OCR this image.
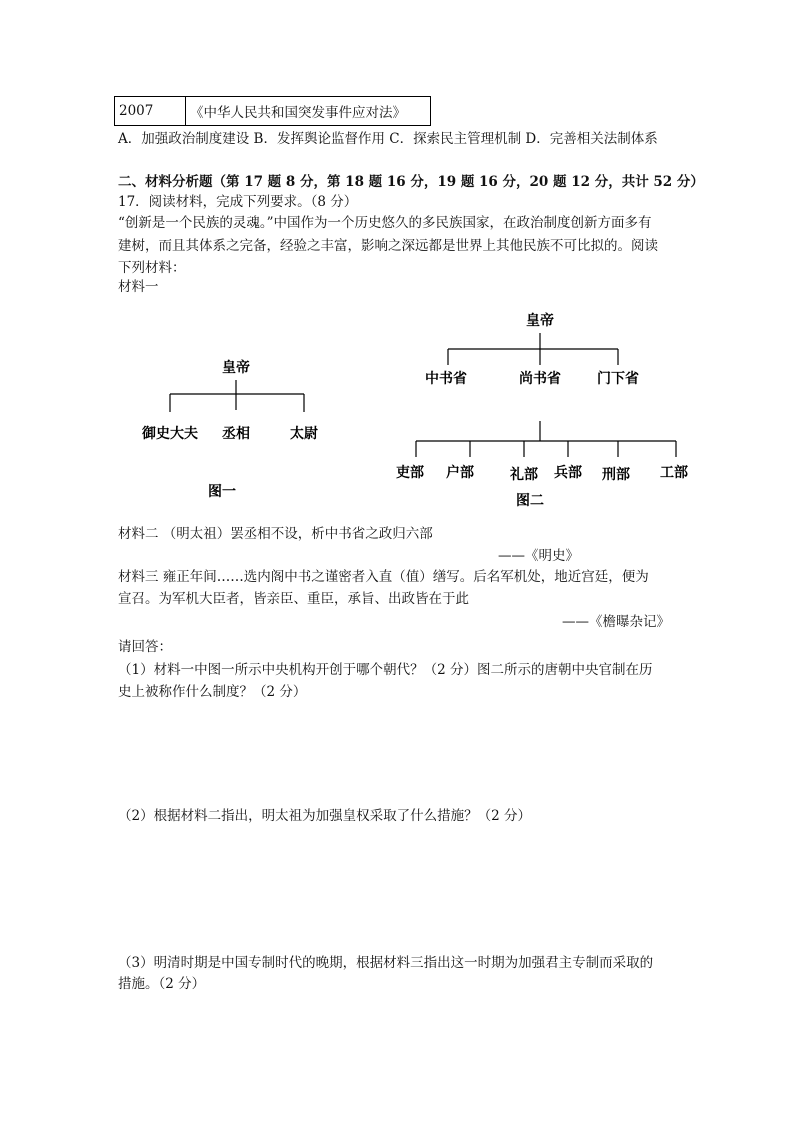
2007	《中华人民共和国突发事件应对法》
A．加强政治制度建设 B．发挥舆论监督作用 C．探索民主管理机制 D．完善相关法制体系
二、材料分析题（第 17 题 8 分，第 18 题 16 分，19 题 16 分，20 题 12 分，共计 52 分）
17．阅读材料，完成下列要求。（8 分）
“创新是一个民族的灵魂。”中国作为一个历史悠久的多民族国家，在政治制度创新方面多有
建树，而且其体系之完备，经验之丰富，影响之深远都是世界上其他民族不可比拟的。阅读
下列材料：
材料一
皇帝
御史大夫 丞相	太尉
图一
皇帝
中书省	尚书省	门下省
吏部 户部	礼部 兵部 刑部 工部
图二
材料二 （明太祖）罢丞相不设，析中书省之政归六部
——《明史》
材料三 雍正年间……选内阁中书之谨密者入直（值）缮写。后名军机处，地近宫廷，便为
宣召。为军机大臣者，皆亲臣、重臣，承旨、出政皆在于此
——《檐曝杂记》
请回答：
（1）材料一中图一所示中央机构开创于哪个朝代？（2 分）图二所示的唐朝中央官制在历
史上被称作什么制度？（2 分）
（2）根据材料二指出，明太祖为加强皇权采取了什么措施？（2 分）
（3）明清时期是中国专制时代的晚期，根据材料三指出这一时期为加强君主专制而采取的
措施。（2 分）
